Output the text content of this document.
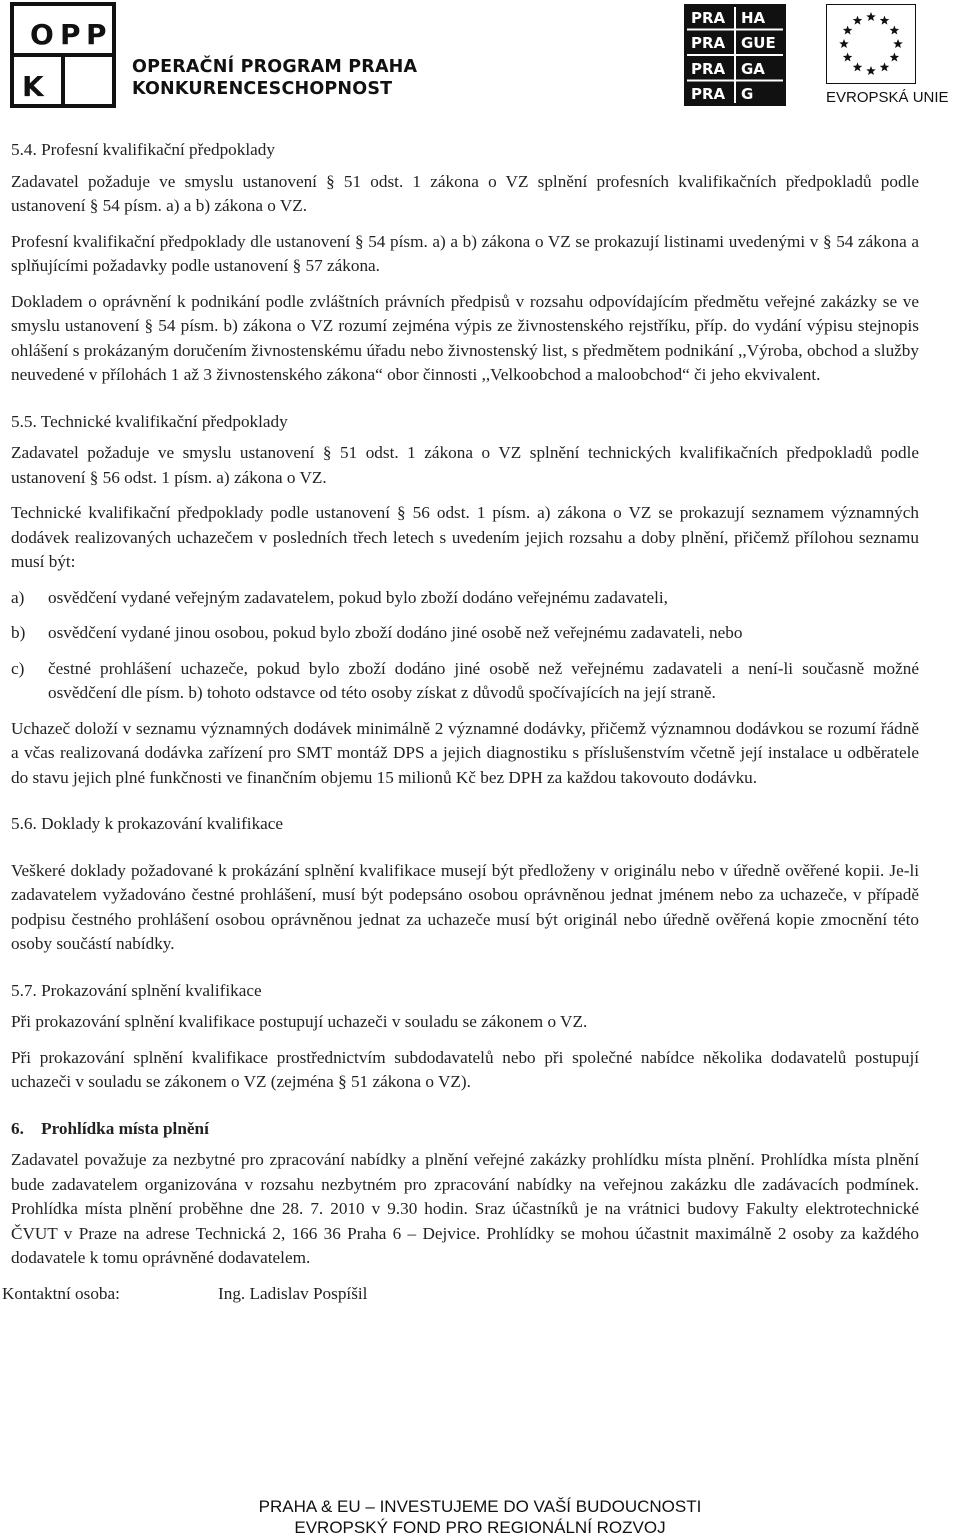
O P P
K
OPERAČNÍ PROGRAM PRAHA
KONKURENCESCHOPNOST
PRA HA
PRA GUE
PRA GA
PRA G	EVROPSKÁ UNIE
5.4. Profesní kvalifikační předpoklady

Zadavatel požaduje ve smyslu ustanovení § 51 odst. 1 zákona o VZ splnění profesních kvalifikačních předpokladů podle ustanovení § 54 písm. a) a b) zákona o VZ.

Profesní kvalifikační předpoklady dle ustanovení § 54 písm. a) a b) zákona o VZ se prokazují listinami uvedenými v § 54 zákona a splňujícími požadavky podle ustanovení § 57 zákona.

Dokladem o oprávnění k podnikání podle zvláštních právních předpisů v rozsahu odpovídajícím předmětu veřejné zakázky se ve smyslu ustanovení § 54 písm. b) zákona o VZ rozumí zejména výpis ze živnostenského rejstříku, příp. do vydání výpisu stejnopis ohlášení s prokázaným doručením živnostenskému úřadu nebo živnostenský list, s předmětem podnikání ,,Výroba, obchod a služby neuvedené v přílohách 1 až 3 živnostenského zákona“ obor činnosti ,,Velkoobchod a maloobchod“ či jeho ekvivalent.

5.5. Technické kvalifikační předpoklady

Zadavatel požaduje ve smyslu ustanovení § 51 odst. 1 zákona o VZ splnění technických kvalifikačních předpokladů podle ustanovení § 56 odst. 1 písm. a) zákona o VZ.

Technické kvalifikační předpoklady podle ustanovení § 56 odst. 1 písm. a) zákona o VZ se prokazují seznamem významných dodávek realizovaných uchazečem v posledních třech letech s uvedením jejich rozsahu a doby plnění, přičemž přílohou seznamu musí být:

a)	osvědčení vydané veřejným zadavatelem, pokud bylo zboží dodáno veřejnému zadavateli,
b)	osvědčení vydané jinou osobou, pokud bylo zboží dodáno jiné osobě než veřejnému zadavateli, nebo
c)	čestné prohlášení uchazeče, pokud bylo zboží dodáno jiné osobě než veřejnému zadavateli a není-li současně možné osvědčení dle písm. b) tohoto odstavce od této osoby získat z důvodů spočívajících na její straně.

Uchazeč doloží v seznamu významných dodávek minimálně 2 významné dodávky, přičemž významnou dodávkou se rozumí řádně a včas realizovaná dodávka zařízení pro SMT montáž DPS a jejich diagnostiku s příslušenstvím včetně její instalace u odběratele do stavu jejich plné funkčnosti ve finančním objemu 15 milionů Kč bez DPH za každou takovouto dodávku.

5.6. Doklady k prokazování kvalifikace

Veškeré doklady požadované k prokázání splnění kvalifikace musejí být předloženy v originálu nebo v úředně ověřené kopii. Je-li zadavatelem vyžadováno čestné prohlášení, musí být podepsáno osobou oprávněnou jednat jménem nebo za uchazeče, v případě podpisu čestného prohlášení osobou oprávněnou jednat za uchazeče musí být originál nebo úředně ověřená kopie zmocnění této osoby součástí nabídky.

5.7. Prokazování splnění kvalifikace

Při prokazování splnění kvalifikace postupují uchazeči v souladu se zákonem o VZ.

Při prokazování splnění kvalifikace prostřednictvím subdodavatelů nebo při společné nabídce několika dodavatelů postupují uchazeči v souladu se zákonem o VZ (zejména § 51 zákona o VZ).

6.    Prohlídka místa plnění

Zadavatel považuje za nezbytné pro zpracování nabídky a plnění veřejné zakázky prohlídku místa plnění. Prohlídka místa plnění bude zadavatelem organizována v rozsahu nezbytném pro zpracování nabídky na veřejnou zakázku dle zadávacích podmínek. Prohlídka místa plnění proběhne dne 28. 7. 2010 v 9.30 hodin. Sraz účastníků je na vrátnici budovy Fakulty elektrotechnické ČVUT v Praze na adrese Technická 2, 166 36 Praha 6 – Dejvice. Prohlídky se mohou účastnit maximálně 2 osoby za každého dodavatele k tomu oprávněné dodavatelem.

Kontaktní osoba:	Ing. Ladislav Pospíšil
PRAHA & EU – INVESTUJEME DO VAŠÍ BUDOUCNOSTI
EVROPSKÝ FOND PRO REGIONÁLNÍ ROZVOJ
